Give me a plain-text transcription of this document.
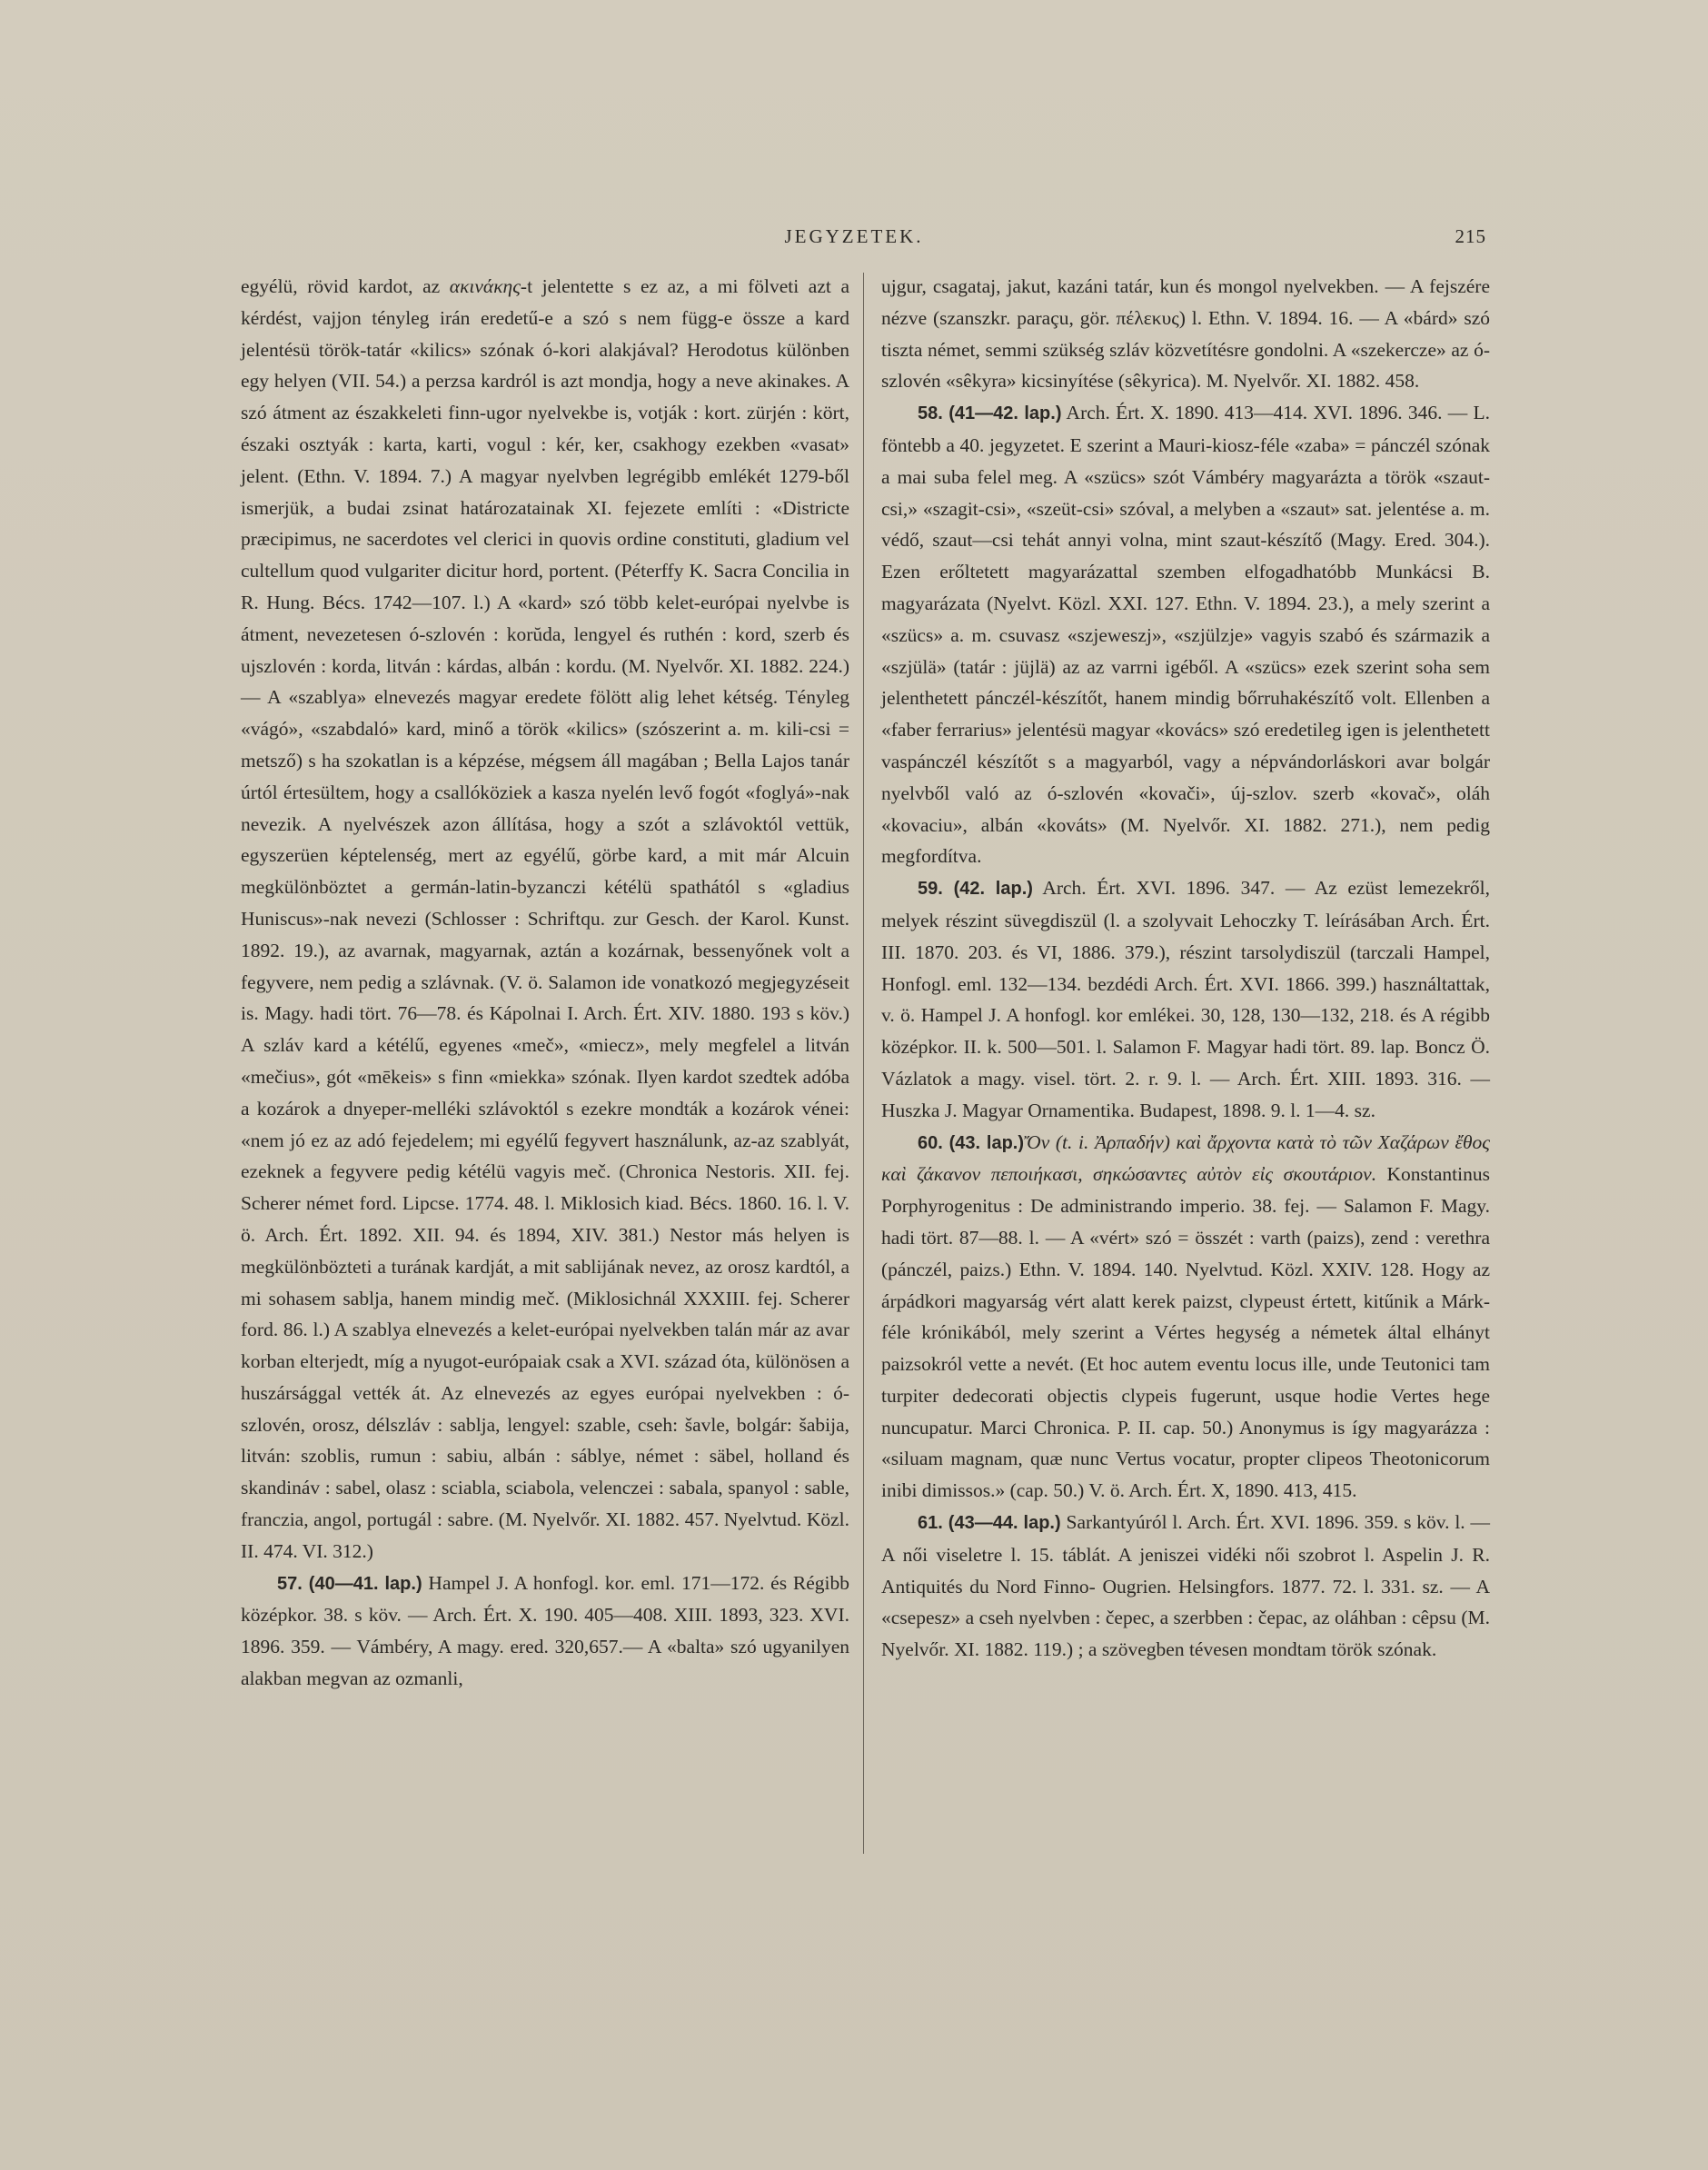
JEGYZETEK.	215

egyélü, rövid kardot, az ακινάκης-t jelentette s ez az, a mi fölveti azt a kérdést, vajjon tényleg irán eredetű-e a szó s nem függ-e össze a kard jelentésü török-tatár «kilics» szónak ó-kori alakjával? Herodotus különben egy helyen (VII. 54.) a perzsa kardról is azt mondja, hogy a neve akinakes. A szó átment az északkeleti finn-ugor nyelvekbe is, votják : kort. zürjén : kört, északi osztyák : karta, karti, vogul : kér, ker, csakhogy ezekben «vasat» jelent. (Ethn. V. 1894. 7.) A magyar nyelvben legrégibb emlékét 1279-ből ismerjük, a budai zsinat határozatainak XI. fejezete említi : «Districte præcipimus, ne sacerdotes vel clerici in quovis ordine constituti, gladium vel cultellum quod vulgariter dicitur hord, portent. (Péterffy K. Sacra Concilia in R. Hung. Bécs. 1742—107. l.) A «kard» szó több kelet-európai nyelvbe is átment, nevezetesen ó-szlovén : korŭda, lengyel és ruthén : kord, szerb és ujszlovén : korda, litván : kárdas, albán : kordu. (M. Nyelvőr. XI. 1882. 224.) — A «szablya» elnevezés magyar eredete fölött alig lehet kétség. Tényleg «vágó», «szabdaló» kard, minő a török «kilics» (szószerint a. m. kili-csi = metsző) s ha szokatlan is a képzése, mégsem áll magában ; Bella Lajos tanár úrtól értesültem, hogy a csallóköziek a kasza nyelén levő fogót «foglyá»-nak nevezik. A nyelvészek azon állítása, hogy a szót a szlávoktól vettük, egyszerüen képtelenség, mert az egyélű, görbe kard, a mit már Alcuin megkülönböztet a germán-latin-byzanczi kétélü spathától s «gladius Huniscus»-nak nevezi (Schlosser : Schriftqu. zur Gesch. der Karol. Kunst. 1892. 19.), az avarnak, magyarnak, aztán a kozárnak, bessenyőnek volt a fegyvere, nem pedig a szlávnak. (V. ö. Salamon ide vonatkozó megjegyzéseit is. Magy. hadi tört. 76—78. és Kápolnai I. Arch. Ért. XIV. 1880. 193 s köv.) A szláv kard a kétélű, egyenes «meč», «miecz», mely megfelel a litván «mečius», gót «mēkeis» s finn «miekka» szónak. Ilyen kardot szedtek adóba a kozárok a dnyeper-melléki szlávoktól s ezekre mondták a kozárok vénei: «nem jó ez az adó fejedelem; mi egyélű fegyvert használunk, az-az szablyát, ezeknek a fegyvere pedig kétélü vagyis meč. (Chronica Nestoris. XII. fej. Scherer német ford. Lipcse. 1774. 48. l. Miklosich kiad. Bécs. 1860. 16. l. V. ö. Arch. Ért. 1892. XII. 94. és 1894, XIV. 381.) Nestor más helyen is megkülönbözteti a turának kardját, a mit sablijának nevez, az orosz kardtól, a mi sohasem sablja, hanem mindig meč. (Miklosichnál XXXIII. fej. Scherer ford. 86. l.) A szablya elnevezés a kelet-európai nyelvekben talán már az avar korban elterjedt, míg a nyugot-európaiak csak a XVI. század óta, különösen a huszársággal vették át. Az elnevezés az egyes európai nyelvekben : ó-szlovén, orosz, délszláv : sablja, lengyel: szable, cseh: šavle, bolgár: šabija, litván: szoblis, rumun : sabiu, albán : sáblye, német : säbel, holland és skandináv : sabel, olasz : sciabla, sciabola, velenczei : sabala, spanyol : sable, franczia, angol, portugál : sabre. (M. Nyelvőr. XI. 1882. 457. Nyelvtud. Közl. II. 474. VI. 312.)

57. (40—41. lap.) Hampel J. A honfogl. kor. eml. 171—172. és Régibb középkor. 38. s köv. — Arch. Ért. X. 190. 405—408. XIII. 1893, 323. XVI. 1896. 359. — Vámbéry, A magy. ered. 320,657.— A «balta» szó ugyanilyen alakban megvan az ozmanli,

ujgur, csagataj, jakut, kazáni tatár, kun és mongol nyelvekben. — A fejszére nézve (szanszkr. paraçu, gör. πέλεκυς) l. Ethn. V. 1894. 16. — A «bárd» szó tiszta német, semmi szükség szláv közvetítésre gondolni. A «szekercze» az ó-szlovén «sêkyra» kicsinyítése (sêkyrica). M. Nyelvőr. XI. 1882. 458.

58. (41—42. lap.) Arch. Ért. X. 1890. 413—414. XVI. 1896. 346. — L. föntebb a 40. jegyzetet. E szerint a Mauri-kiosz-féle «zaba» = pánczél szónak a mai suba felel meg. A «szücs» szót Vámbéry magyarázta a török «szaut-csi,» «szagit-csi», «szeüt-csi» szóval, a melyben a «szaut» sat. jelentése a. m. védő, szaut—csi tehát annyi volna, mint szaut-készítő (Magy. Ered. 304.). Ezen erőltetett magyarázattal szemben elfogadhatóbb Munkácsi B. magyarázata (Nyelvt. Közl. XXI. 127. Ethn. V. 1894. 23.), a mely szerint a «szücs» a. m. csuvasz «szjeweszj», «szjülzje» vagyis szabó és származik a «szjülä» (tatár : jüjlä) az az varrni igéből. A «szücs» ezek szerint soha sem jelenthetett pánczél-készítőt, hanem mindig bőrruhakészítő volt. Ellenben a «faber ferrarius» jelentésü magyar «kovács» szó eredetileg igen is jelenthetett vaspánczél készítőt s a magyarból, vagy a népvándorláskori avar bolgár nyelvből való az ó-szlovén «kovači», új-szlov. szerb «kovač», oláh «kovaciu», albán «kováts» (M. Nyelvőr. XI. 1882. 271.), nem pedig megfordítva.

59. (42. lap.) Arch. Ért. XVI. 1896. 347. — Az ezüst lemezekről, melyek részint süvegdiszül (l. a szolyvait Lehoczky T. leírásában Arch. Ért. III. 1870. 203. és VI, 1886. 379.), részint tarsolydiszül (tarczali Hampel, Honfogl. eml. 132—134. bezdédi Arch. Ért. XVI. 1866. 399.) használtattak, v. ö. Hampel J. A honfogl. kor emlékei. 30, 128, 130—132, 218. és A régibb középkor. II. k. 500—501. l. Salamon F. Magyar hadi tört. 89. lap. Boncz Ö. Vázlatok a magy. visel. tört. 2. r. 9. l. — Arch. Ért. XIII. 1893. 316. — Huszka J. Magyar Ornamentika. Budapest, 1898. 9. l. 1—4. sz.

60. (43. lap.)Ὄν (t. i. Ἀρπαδήν) καὶ ἄρχοντα κατὰ τὸ τῶν Χαζάρων ἔθος καὶ ζάκανον πεποιήκασι, σηκώσαντες αὐτὸν εἰς σκουτάριον. Konstantinus Porphyrogenitus : De administrando imperio. 38. fej. — Salamon F. Magy. hadi tört. 87—88. l. — A «vért» szó = összét : varth (paizs), zend : verethra (pánczél, paizs.) Ethn. V. 1894. 140. Nyelvtud. Közl. XXIV. 128. Hogy az árpádkori magyarság vért alatt kerek paizst, clypeust értett, kitűnik a Márk-féle krónikából, mely szerint a Vértes hegység a németek által elhányt paizsokról vette a nevét. (Et hoc autem eventu locus ille, unde Teutonici tam turpiter dedecorati objectis clypeis fugerunt, usque hodie Vertes hege nuncupatur. Marci Chronica. P. II. cap. 50.) Anonymus is így magyarázza : «siluam magnam, quæ nunc Vertus vocatur, propter clipeos Theotonicorum inibi dimissos.» (cap. 50.) V. ö. Arch. Ért. X, 1890. 413, 415.

61. (43—44. lap.) Sarkantyúról l. Arch. Ért. XVI. 1896. 359. s köv. l. — A női viseletre l. 15. táblát. A jeniszei vidéki női szobrot l. Aspelin J. R. Antiquités du Nord Finno- Ougrien. Helsingfors. 1877. 72. l. 331. sz. — A «csepesz» a cseh nyelvben : čepec, a szerbben : čepac, az oláhban : cêpsu (M. Nyelvőr. XI. 1882. 119.) ; a szövegben tévesen mondtam török szónak.
